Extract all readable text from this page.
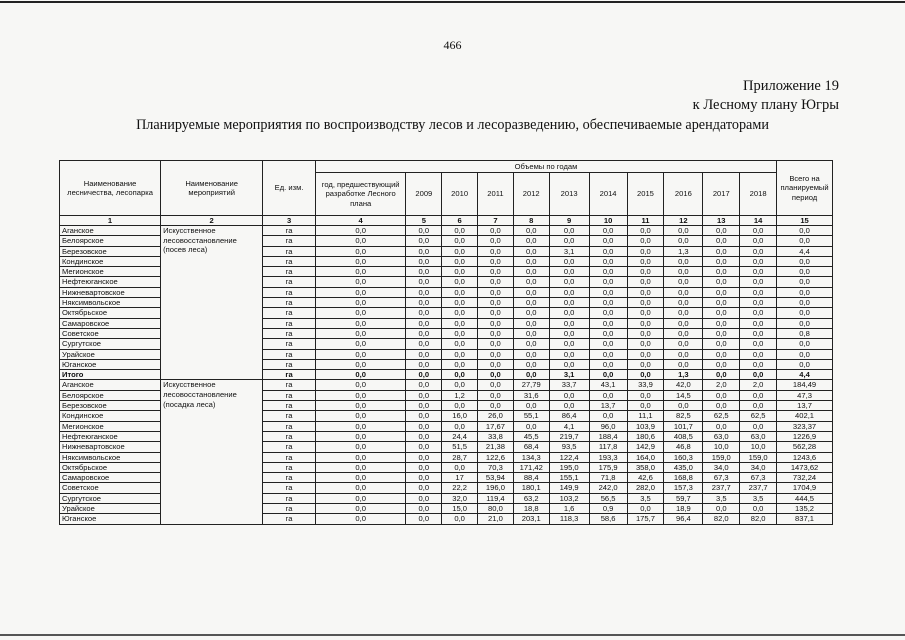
466
Приложение 19
к Лесному плану Югры
Планируемые мероприятия по воспроизводству лесов и лесоразведению, обеспечиваемые арендаторами
Наименование лесничества, лесопарка	Наименование мероприятий	Ед. изм.	Объемы по годам											Всего на планируемый период
			год, предшествующий разработке Лесного плана	2009	2010	2011	2012	2013	2014	2015	2016	2017	2018	
1	2	3	4	5	6	7	8	9	10	11	12	13	14	15
Аганское	Искусственное лесовосстановление (посев леса)	га	0,0	0,0	0,0	0,0	0,0	0,0	0,0	0,0	0,0	0,0	0,0	0,0
Белоярское		га	0,0	0,0	0,0	0,0	0,0	0,0	0,0	0,0	0,0	0,0	0,0	0,0
Березовское		га	0,0	0,0	0,0	0,0	0,0	3,1	0,0	0,0	1,3	0,0	0,0	4,4
Кондинское		га	0,0	0,0	0,0	0,0	0,0	0,0	0,0	0,0	0,0	0,0	0,0	0,0
Мегионское		га	0,0	0,0	0,0	0,0	0,0	0,0	0,0	0,0	0,0	0,0	0,0	0,0
Нефтеюганское		га	0,0	0,0	0,0	0,0	0,0	0,0	0,0	0,0	0,0	0,0	0,0	0,0
Нижневартовское		га	0,0	0,0	0,0	0,0	0,0	0,0	0,0	0,0	0,0	0,0	0,0	0,0
Няксимвольское		га	0,0	0,0	0,0	0,0	0,0	0,0	0,0	0,0	0,0	0,0	0,0	0,0
Октябрьское		га	0,0	0,0	0,0	0,0	0,0	0,0	0,0	0,0	0,0	0,0	0,0	0,0
Самаровское		га	0,0	0,0	0,0	0,0	0,0	0,0	0,0	0,0	0,0	0,0	0,0	0,0
Советское		га	0,0	0,0	0,0	0,0	0,0	0,0	0,0	0,0	0,0	0,0	0,0	0,8
Сургутское		га	0,0	0,0	0,0	0,0	0,0	0,0	0,0	0,0	0,0	0,0	0,0	0,0
Урайское		га	0,0	0,0	0,0	0,0	0,0	0,0	0,0	0,0	0,0	0,0	0,0	0,0
Юганское		га	0,0	0,0	0,0	0,0	0,0	0,0	0,0	0,0	0,0	0,0	0,0	0,0
Итого		га	0,0	0,0	0,0	0,0	0,0	3,1	0,0	0,0	1,3	0,0	0,0	4,4
Аганское	Искусственное лесовосстановление (посадка леса)	га	0,0	0,0	0,0	0,0	27,79	33,7	43,1	33,9	42,0	2,0	2,0	184,49
Белоярское		га	0,0	0,0	1,2	0,0	31,6	0,0	0,0	0,0	14,5	0,0	0,0	47,3
Березовское		га	0,0	0,0	0,0	0,0	0,0	0,0	13,7	0,0	0,0	0,0	0,0	13,7
Кондинское		га	0,0	0,0	16,0	26,0	55,1	86,4	0,0	11,1	82,5	62,5	62,5	402,1
Мегионское		га	0,0	0,0	0,0	17,67	0,0	4,1	96,0	103,9	101,7	0,0	0,0	323,37
Нефтеюганское		га	0,0	0,0	24,4	33,8	45,5	219,7	188,4	180,6	408,5	63,0	63,0	1226,9
Нижневартовское		га	0,0	0,0	51,5	21,38	68,4	93,5	117,8	142,9	46,8	10,0	10,0	562,28
Няксимвольское		га	0,0	0,0	28,7	122,6	134,3	122,4	193,3	164,0	160,3	159,0	159,0	1243,6
Октябрьское		га	0,0	0,0	0,0	70,3	171,42	195,0	175,9	358,0	435,0	34,0	34,0	1473,62
Самаровское		га	0,0	0,0	17	53,94	88,4	155,1	71,8	42,6	168,8	67,3	67,3	732,24
Советское		га	0,0	0,0	22,2	196,0	180,1	149,9	242,0	282,0	157,3	237,7	237,7	1704,9
Сургутское		га	0,0	0,0	32,0	119,4	63,2	103,2	56,5	3,5	59,7	3,5	3,5	444,5
Урайское		га	0,0	0,0	15,0	80,0	18,8	1,6	0,9	0,0	18,9	0,0	0,0	135,2
Юганское		га	0,0	0,0	0,0	21,0	203,1	118,3	58,6	175,7	96,4	82,0	82,0	837,1
